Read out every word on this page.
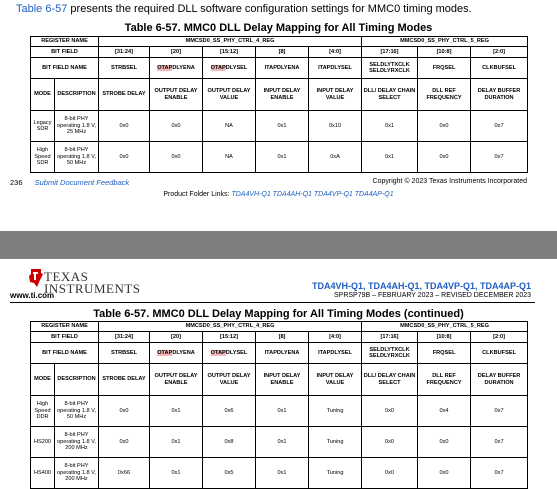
Table 6-57 presents the required DLL software configuration settings for MMC0 timing modes.
Table 6-57. MMC0 DLL Delay Mapping for All Timing Modes
REGISTER NAME		MMCSD0_SS_PHY_CTRL_4_REG					MMCSD0_SS_PHY_CTRL_5_REG		
BIT FIELD		[31:24]	[20]	[15:12]	[8]	[4:0]	[17:16]	[10:8]	[2:0]
BIT FIELD NAME		STRBSEL	OTAPDLYENA	OTAPDLYSEL	ITAPDLYENA	ITAPDLYSEL	SELDLYTXCLK SELDLYRXCLK	FRQSEL	CLKBUFSEL
MODE	DESCRIPTION	STROBE DELAY	OUTPUT DELAY ENABLE	OUTPUT DELAY VALUE	INPUT DELAY ENABLE	INPUT DELAY VALUE	DLL/ DELAY CHAIN SELECT	DLL REF FREQUENCY	DELAY BUFFER DURATION
Legacy SDR	8-bit PHY operating 1.8 V, 25 MHz	0x0	0x0	NA	0x1	0x10	0x1	0x0	0x7
High Speed SDR	8-bit PHY operating 1.8 V, 50 MHz	0x0	0x0	NA	0x1	0xA	0x1	0x0	0x7
236 Submit Document Feedback	Copyright © 2023 Texas Instruments Incorporated
Product Folder Links: TDA4VH-Q1 TDA4AH-Q1 TDA4VP-Q1 TDA4AP-Q1
TEXAS
INSTRUMENTS
www.ti.com
TDA4VH-Q1, TDA4AH-Q1, TDA4VP-Q1, TDA4AP-Q1
SPRSP79B – FEBRUARY 2023 – REVISED DECEMBER 2023
Table 6-57. MMC0 DLL Delay Mapping for All Timing Modes (continued)
REGISTER NAME		MMCSD0_SS_PHY_CTRL_4_REG					MMCSD0_SS_PHY_CTRL_5_REG		
BIT FIELD		[31:24]	[20]	[15:12]	[8]	[4:0]	[17:16]	[10:8]	[2:0]
BIT FIELD NAME		STRBSEL	OTAPDLYENA	OTAPDLYSEL	ITAPDLYENA	ITAPDLYSEL	SELDLYTXCLK SELDLYRXCLK	FRQSEL	CLKBUFSEL
MODE	DESCRIPTION	STROBE DELAY	OUTPUT DELAY ENABLE	OUTPUT DELAY VALUE	INPUT DELAY ENABLE	INPUT DELAY VALUE	DLL/ DELAY CHAIN SELECT	DLL REF FREQUENCY	DELAY BUFFER DURATION
High Speed DDR	8-bit PHY operating 1.8 V, 50 MHz	0x0	0x1	0x6	0x1	Tuning	0x0	0x4	0x7
HS200	8-bit PHY operating 1.8 V, 200 MHz	0x0	0x1	0x8	0x1	Tuning	0x0	0x0	0x7
HS400	8-bit PHY operating 1.8 V, 200 MHz	0x66	0x1	0x5	0x1	Tuning	0x0	0x0	0x7
